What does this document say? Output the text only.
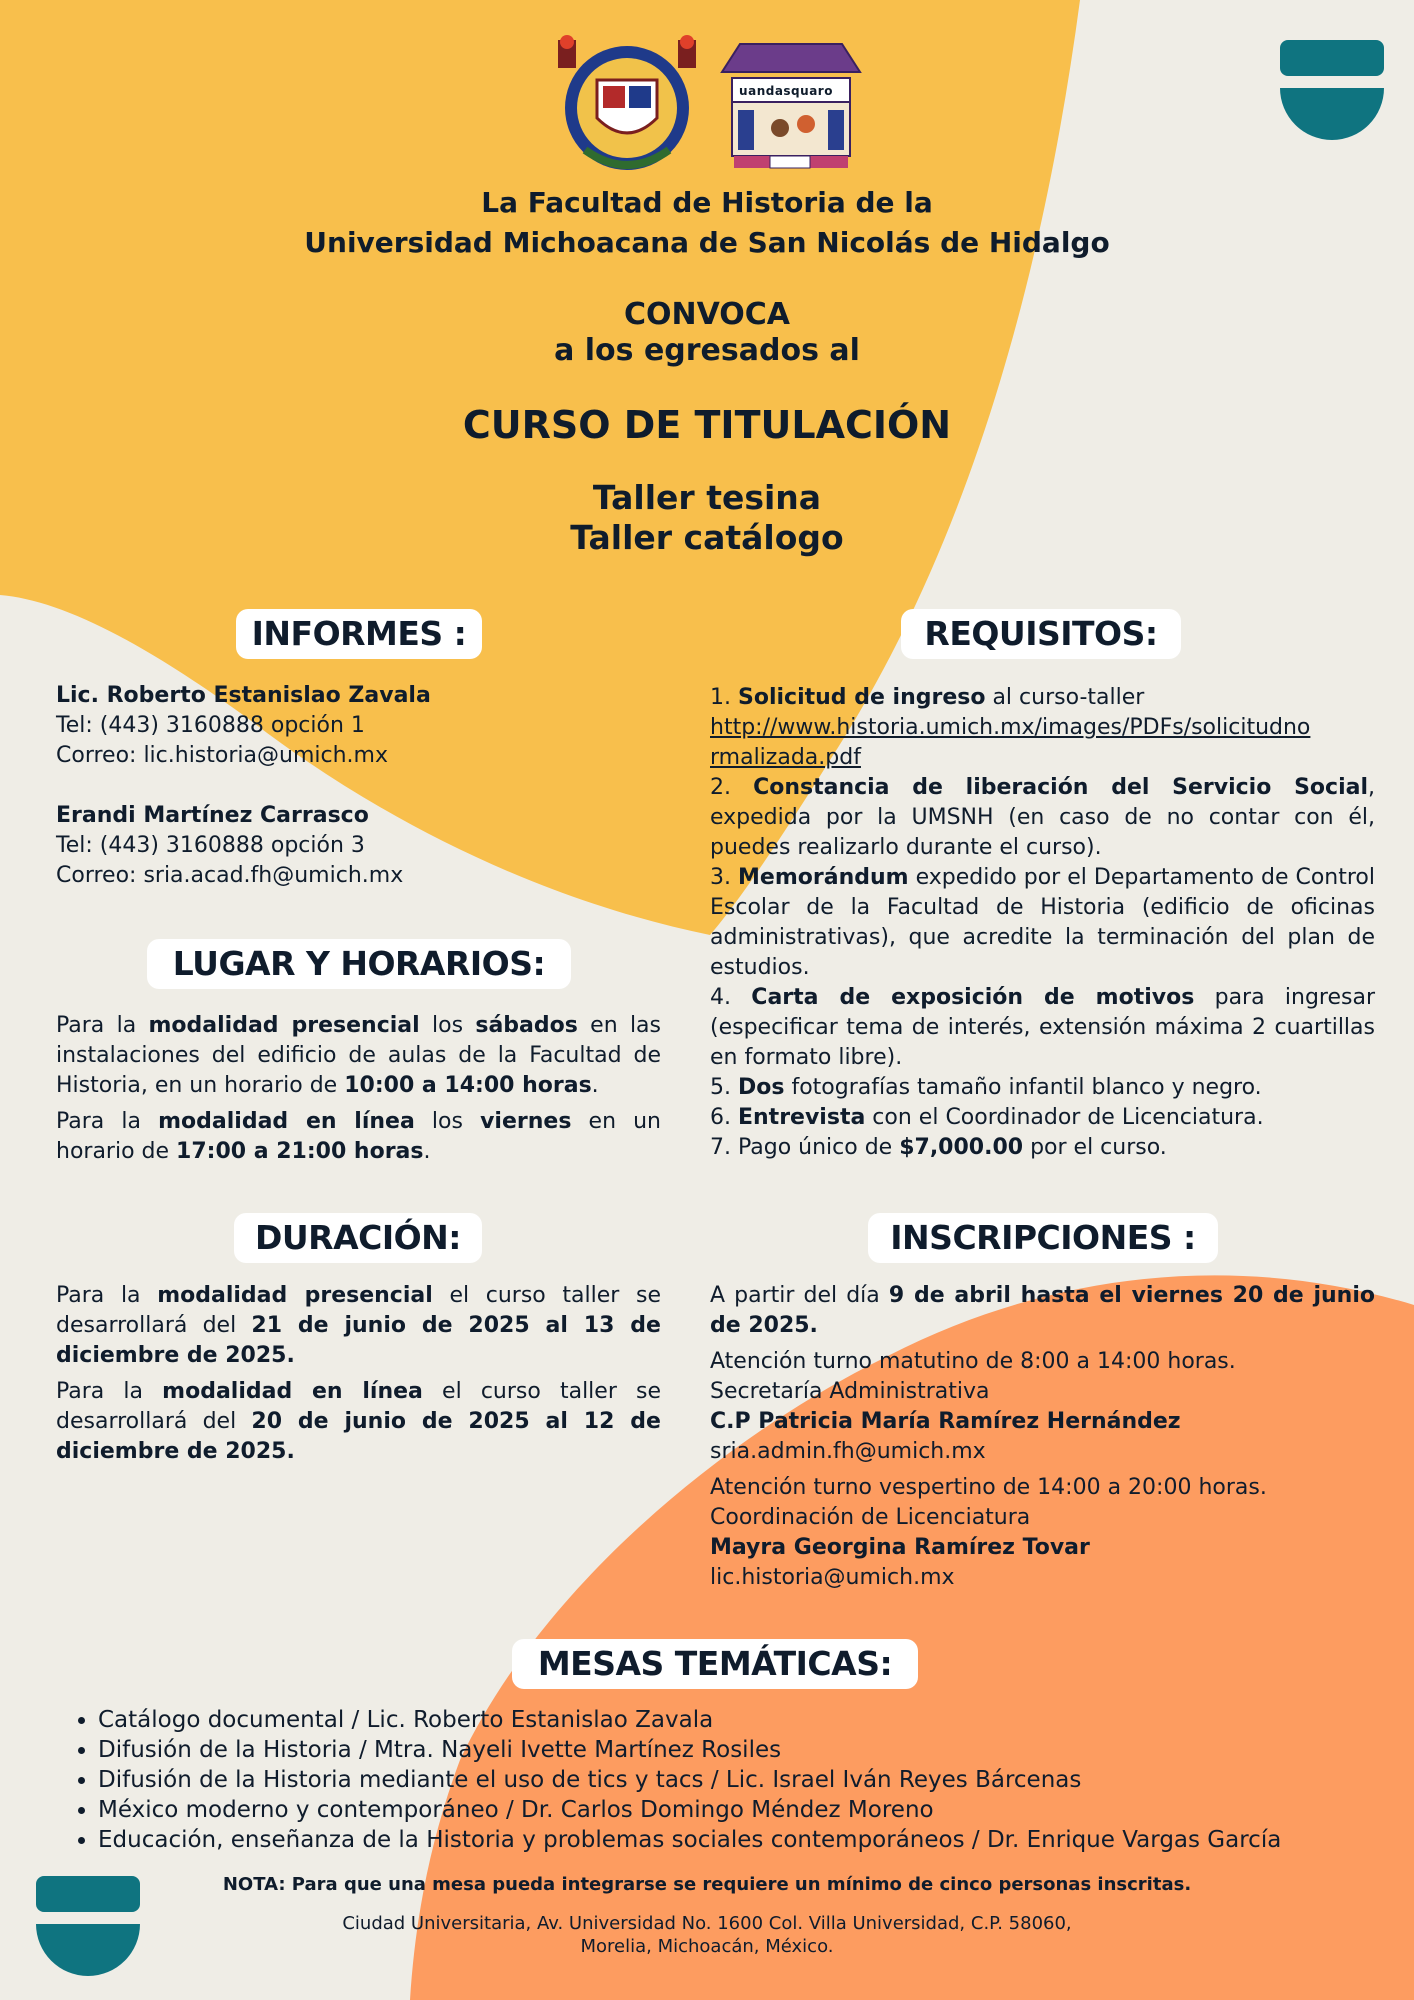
uandasquaro
La Facultad de Historia de la
Universidad Michoacana de San Nicolás de Hidalgo
CONVOCA
a los egresados al
CURSO DE TITULACIÓN
Taller tesina
Taller catálogo
INFORMES :
Lic. Roberto Estanislao Zavala
Tel: (443) 3160888 opción 1
Correo: lic.historia@umich.mx
Erandi Martínez Carrasco
Tel: (443) 3160888 opción 3
Correo: sria.acad.fh@umich.mx
LUGAR Y HORARIOS:

Para la modalidad presencial los sábados en las instalaciones del edificio de aulas de la Facultad de Historia, en un horario de 10:00 a 14:00 horas.

Para la modalidad en línea los viernes en un horario de 17:00 a 21:00 horas.

DURACIÓN:

Para la modalidad presencial el curso taller se desarrollará del 21 de junio de 2025 al 13 de diciembre de 2025.

Para la modalidad en línea el curso taller se desarrollará del 20 de junio de 2025 al 12 de diciembre de 2025.

REQUISITOS:

1. Solicitud de ingreso al curso-taller

http://www.historia.umich.mx/images/PDFs/solicitudno
rmalizada.pdf

2. Constancia de liberación del Servicio Social, expedida por la UMSNH (en caso de no contar con él, puedes realizarlo durante el curso).

3. Memorándum expedido por el Departamento de Control Escolar de la Facultad de Historia (edificio de oficinas administrativas), que acredite la terminación del plan de estudios.

4. Carta de exposición de motivos para ingresar (especificar tema de interés, extensión máxima 2 cuartillas en formato libre).

5. Dos fotografías tamaño infantil blanco y negro.

6. Entrevista con el Coordinador de Licenciatura.

7. Pago único de $7,000.00 por el curso.

INSCRIPCIONES :

A partir del día 9 de abril hasta el viernes 20 de junio de 2025.

Atención turno matutino de 8:00 a 14:00 horas.
Secretaría Administrativa
C.P Patricia María Ramírez Hernández
sria.admin.fh@umich.mx
Atención turno vespertino de 14:00 a 20:00 horas.
Coordinación de Licenciatura
Mayra Georgina Ramírez Tovar
lic.historia@umich.mx
MESAS TEMÁTICAS:
• Catálogo documental / Lic. Roberto Estanislao Zavala
• Difusión de la Historia / Mtra. Nayeli Ivette Martínez Rosiles
• Difusión de la Historia mediante el uso de tics y tacs / Lic. Israel Iván Reyes Bárcenas
• México moderno y contemporáneo / Dr. Carlos Domingo Méndez Moreno
• Educación, enseñanza de la Historia y problemas sociales contemporáneos / Dr. Enrique Vargas García
NOTA: Para que una mesa pueda integrarse se requiere un mínimo de cinco personas inscritas.
Ciudad Universitaria, Av. Universidad No. 1600 Col. Villa Universidad, C.P. 58060,
Morelia, Michoacán, México.
